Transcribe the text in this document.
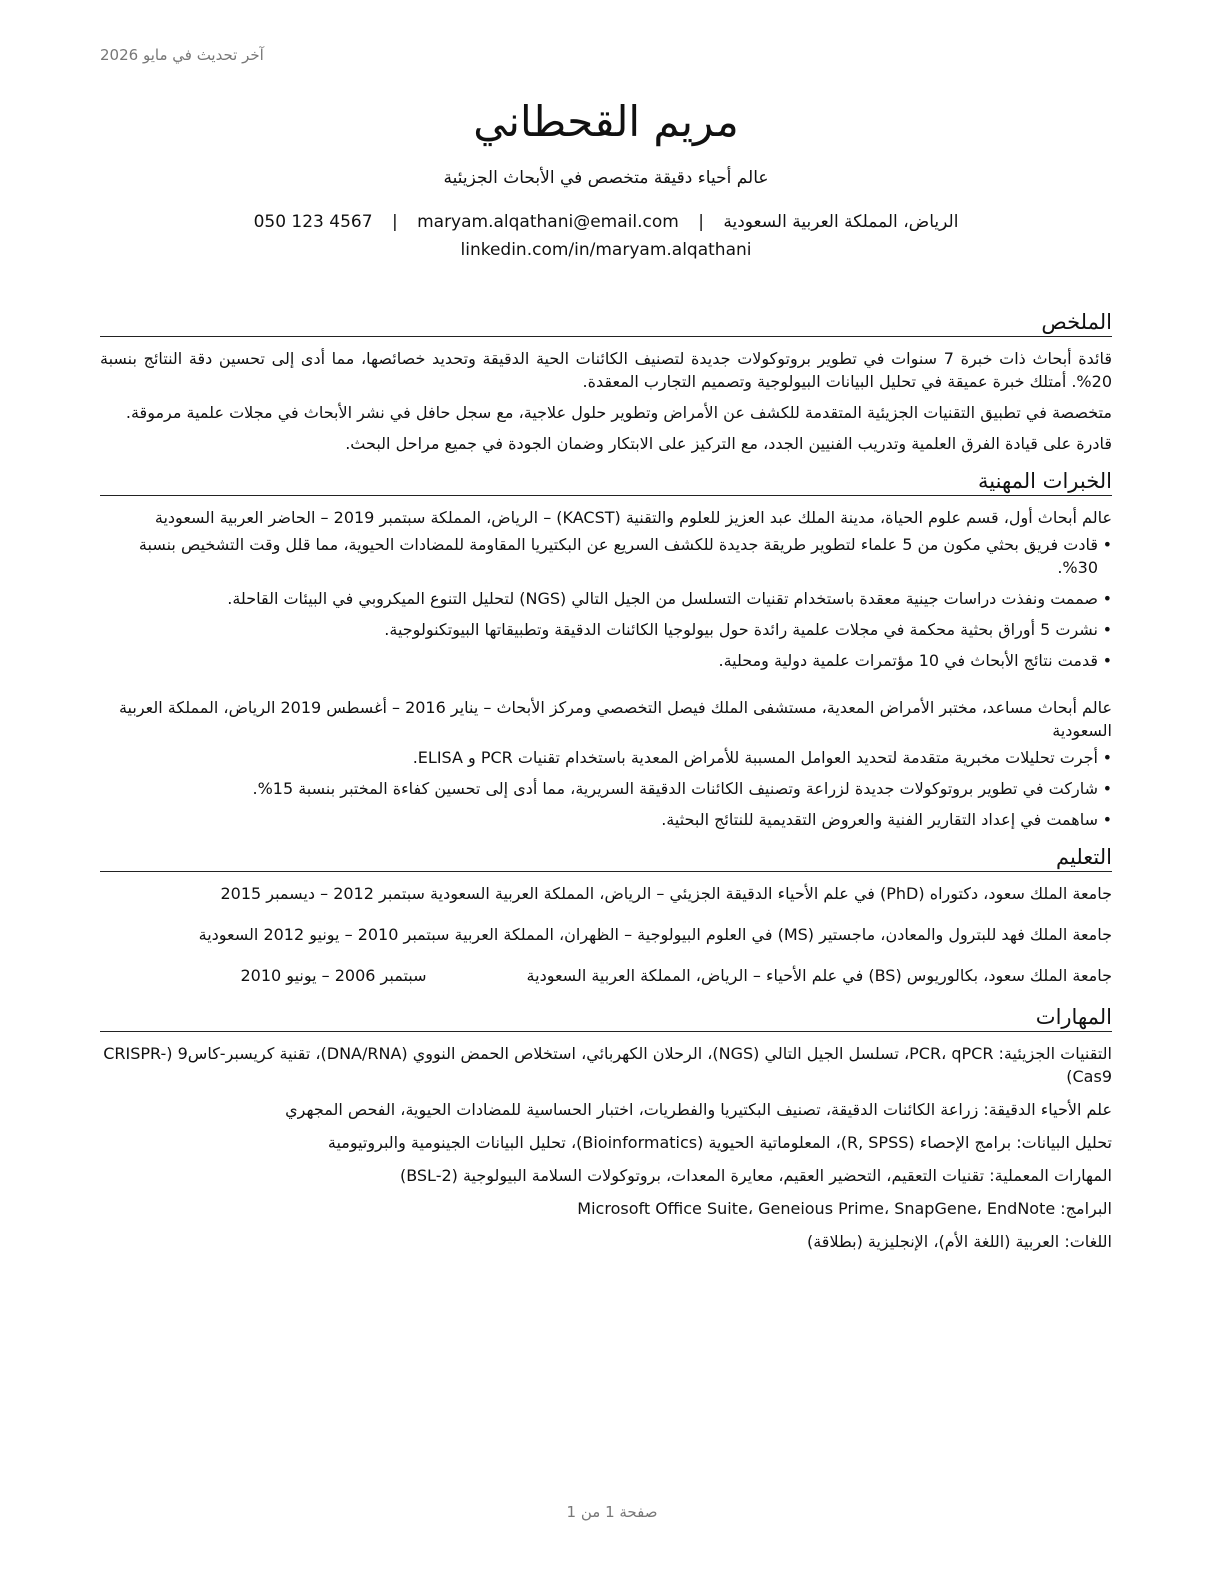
آخر تحديث في مايو 2026
مريم القحطاني
عالم أحياء دقيقة متخصص في الأبحاث الجزيئية
الرياض، المملكة العربية السعودية | maryam.alqathani@email.com | 050 123 4567
linkedin.com/in/maryam.alqathani
الملخص

قائدة أبحاث ذات خبرة 7 سنوات في تطوير بروتوكولات جديدة لتصنيف الكائنات الحية الدقيقة وتحديد خصائصها، مما أدى إلى تحسين دقة النتائج بنسبة 20%. أمتلك خبرة عميقة في تحليل البيانات البيولوجية وتصميم التجارب المعقدة.

متخصصة في تطبيق التقنيات الجزيئية المتقدمة للكشف عن الأمراض وتطوير حلول علاجية، مع سجل حافل في نشر الأبحاث في مجلات علمية مرموقة.

قادرة على قيادة الفرق العلمية وتدريب الفنيين الجدد، مع التركيز على الابتكار وضمان الجودة في جميع مراحل البحث.

الخبرات المهنية
عالم أبحاث أول، قسم علوم الحياة، مدينة الملك عبد العزيز للعلوم والتقنية (KACST) – الرياض، المملكة سبتمبر 2019 – الحاضر العربية السعودية
• قادت فريق بحثي مكون من 5 علماء لتطوير طريقة جديدة للكشف السريع عن البكتيريا المقاومة للمضادات الحيوية، مما قلل وقت التشخيص بنسبة 30%.
• صممت ونفذت دراسات جينية معقدة باستخدام تقنيات التسلسل من الجيل التالي (NGS) لتحليل التنوع الميكروبي في البيئات القاحلة.
• نشرت 5 أوراق بحثية محكمة في مجلات علمية رائدة حول بيولوجيا الكائنات الدقيقة وتطبيقاتها البيوتكنولوجية.
• قدمت نتائج الأبحاث في 10 مؤتمرات علمية دولية ومحلية.
عالم أبحاث مساعد، مختبر الأمراض المعدية، مستشفى الملك فيصل التخصصي ومركز الأبحاث – يناير 2016 – أغسطس 2019 الرياض، المملكة العربية السعودية
• أجرت تحليلات مخبرية متقدمة لتحديد العوامل المسببة للأمراض المعدية باستخدام تقنيات PCR و ELISA.
• شاركت في تطوير بروتوكولات جديدة لزراعة وتصنيف الكائنات الدقيقة السريرية، مما أدى إلى تحسين كفاءة المختبر بنسبة 15%.
• ساهمت في إعداد التقارير الفنية والعروض التقديمية للنتائج البحثية.
التعليم
جامعة الملك سعود، دكتوراه (PhD) في علم الأحياء الدقيقة الجزيئي – الرياض، المملكة العربية السعودية سبتمبر 2012 – ديسمبر 2015
جامعة الملك فهد للبترول والمعادن، ماجستير (MS) في العلوم البيولوجية – الظهران، المملكة العربية سبتمبر 2010 – يونيو 2012 السعودية
جامعة الملك سعود، بكالوريوس (BS) في علم الأحياء – الرياض، المملكة العربية السعودية
سبتمبر 2006 – يونيو 2010
المهارات
التقنيات الجزيئية: PCR، qPCR، تسلسل الجيل التالي (NGS)، الرحلان الكهربائي، استخلاص الحمض النووي (DNA/RNA)، تقنية كريسبر-كاس9 (CRISPR-Cas9)
علم الأحياء الدقيقة: زراعة الكائنات الدقيقة، تصنيف البكتيريا والفطريات، اختبار الحساسية للمضادات الحيوية، الفحص المجهري
تحليل البيانات: برامج الإحصاء (R, SPSS)، المعلوماتية الحيوية (Bioinformatics)، تحليل البيانات الجينومية والبروتيومية
المهارات المعملية: تقنيات التعقيم، التحضير العقيم، معايرة المعدات، بروتوكولات السلامة البيولوجية (BSL-2)
البرامج: Microsoft Office Suite، Geneious Prime، SnapGene، EndNote
اللغات: العربية (اللغة الأم)، الإنجليزية (بطلاقة)
صفحة 1 من 1
